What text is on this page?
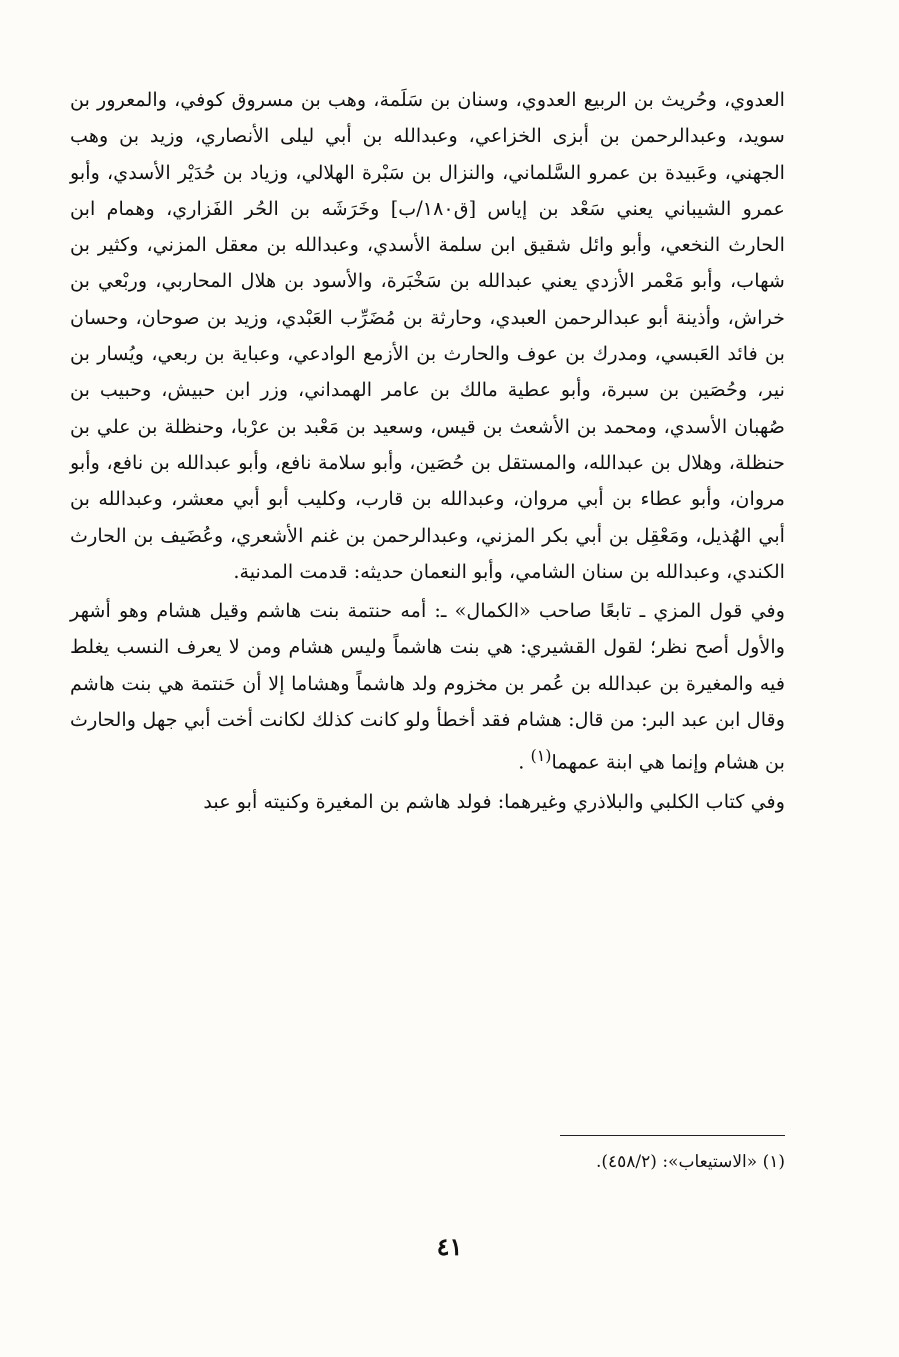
العدوي، وحُريث بن الربيع العدوي، وسنان بن سَلَمة، وهب بن مسروق كوفي، والمعرور بن سويد، وعبدالرحمن بن أبزى الخزاعي، وعبدالله بن أبي ليلى الأنصاري، وزيد بن وهب الجهني، وعَبيدة بن عمرو السَّلماني، والنزال بن سَبْرة الهلالي، وزياد بن حُدَيْر الأسدي، وأبو عمرو الشيباني يعني سَعْد بن إياس [ق١٨٠/ب] وخَرَشَه بن الحُر الفَزاري، وهمام ابن الحارث النخعي، وأبو وائل شقيق ابن سلمة الأسدي، وعبدالله بن معقل المزني، وكثير بن شهاب، وأبو مَعْمر الأزدي يعني عبدالله بن سَخْبَرة، والأسود بن هلال المحاربي، وربْعي بن خراش، وأذينة أبو عبدالرحمن العبدي، وحارثة بن مُضَرِّب العَبْدي، وزيد بن صوحان، وحسان بن فائد العَبسي، ومدرك بن عوف والحارث بن الأزمع الوادعي، وعباية بن ربعي، ويُسار بن نير، وحُصَين بن سبرة، وأبو عطية مالك بن عامر الهمداني، وزر ابن حبيش، وحبيب بن صُهبان الأسدي، ومحمد بن الأشعث بن قيس، وسعيد بن مَعْبد بن عرْبا، وحنظلة بن علي بن حنظلة، وهلال بن عبدالله، والمستقل بن حُصَين، وأبو سلامة نافع، وأبو عبدالله بن نافع، وأبو مروان، وأبو عطاء بن أبي مروان، وعبدالله بن قارب، وكليب أبو أبي معشر، وعبدالله بن أبي الهُذيل، ومَعْقِل بن أبي بكر المزني، وعبدالرحمن بن غنم الأشعري، وعُضَيف بن الحارث الكندي، وعبدالله بن سنان الشامي، وأبو النعمان حديثه: قدمت المدنية.

وفي قول المزي ـ تابعًا صاحب «الكمال» ـ: أمه حنتمة بنت هاشم وقيل هشام وهو أشهر والأول أصح نظر؛ لقول القشيري: هي بنت هاشماً وليس هشام ومن لا يعرف النسب يغلط فيه والمغيرة بن عبدالله بن عُمر بن مخزوم ولد هاشماً وهشاما إلا أن حَنتمة هي بنت هاشم وقال ابن عبد البر: من قال: هشام فقد أخطأ ولو كانت كذلك لكانت أخت أبي جهل والحارث بن هشام وإنما هي ابنة عمهما$^{(١)}$ .

وفي كتاب الكلبي والبلاذري وغيرهما: فولد هاشم بن المغيرة وكنيته أبو عبد

(١) «الاستيعاب»: (٤٥٨/٢).
٤١
